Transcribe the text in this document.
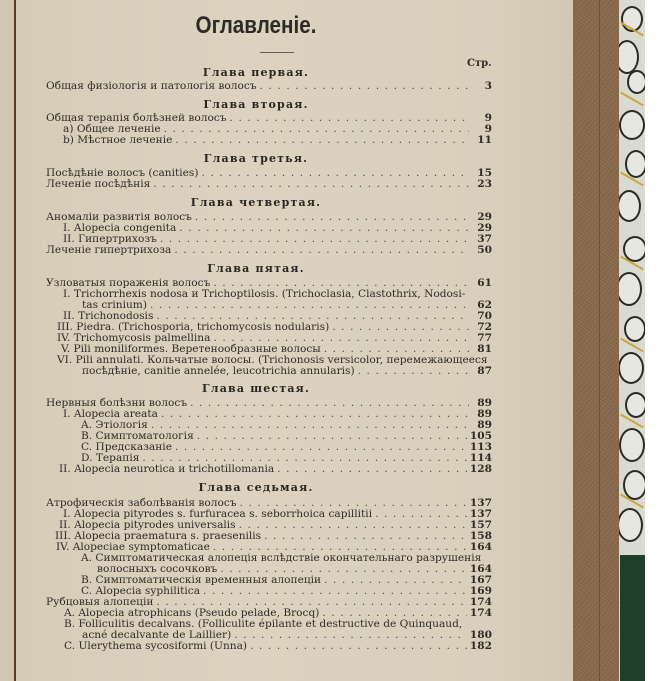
Оглавленіе.
Стр.
Глава первая.
Общая физіологія и патологія волосъ . . .	3
Глава вторая.
Общая терапія болѣзней волосъ . . .	9
a) Общее леченіе . . .	9
b) Мѣстное леченіе . . .	11
Глава третья.
Посѣдѣніе волосъ (canities) . . .	15
Леченіе посѣдѣнія . . .	23
Глава четвертая.
Аномаліи развитія волосъ . . .	29
I. Alopecia congenita . . .	29
II. Гипертрихозъ . . .	37
Леченіе гипертрихоза . . .	50
Глава пятая.
Узловатыя пораженія волосъ . . .	61
I. Trichorrhexis nodosa и Trichoptilosis. (Trichoclasia, Clastothrix, Nodosi-
tas crinium) . . .	62
II. Trichonodosis . . .	70
III. Piedra. (Trichosporia, trichomycosis nodularis) . . .	72
IV. Trichomycosis palmellina . . .	77
V. Pili moniliformes. Веретенообразные волосы . . .	81
VI. Pili annulati. Кольчатые волосы. (Trichonosis versicolor, перемежающееся
посѣдѣніе, canitie annelée, leucotrichia annularis) . . .	87
Глава шестая.
Нервныя болѣзни волосъ . . .	89
I. Alopecia areata . . .	89
A. Этіологія . . .	89
B. Симптоматологія . . .	105
C. Предсказаніе . . .	113
D. Терапія . . .	114
II. Alopecia neurotica и trichotillomania . . .	128
Глава седьмая.
Атрофическія заболѣванія волосъ . . .	137
I. Alopecia pityrodes s. furfuracea s. seborrhoica capillitii . . .	137
II. Alopecia pityrodes universalis . . .	157
III. Alopecia praematura s. praesenilis . . .	158
IV. Alopeciae symptomaticae . . .	164
A. Симптоматическая алопеція вслѣдствіе окончательнаго разрушенія
волосныхъ сосочковъ . . .	164
B. Симптоматическія временныя алопеціи . . .	167
C. Alopecia syphilitica . . .	169
Рубцовыя алопеціи . . .	174
A. Alopecia atrophicans (Pseudo pelade, Brocq) . . .	174
B. Folliculitis decalvans. (Folliculite épilante et destructive de Quinquaud,
acné decalvante de Laillier) . . .	180
C. Ulerythema sycosiformi (Unna) . . .	182
